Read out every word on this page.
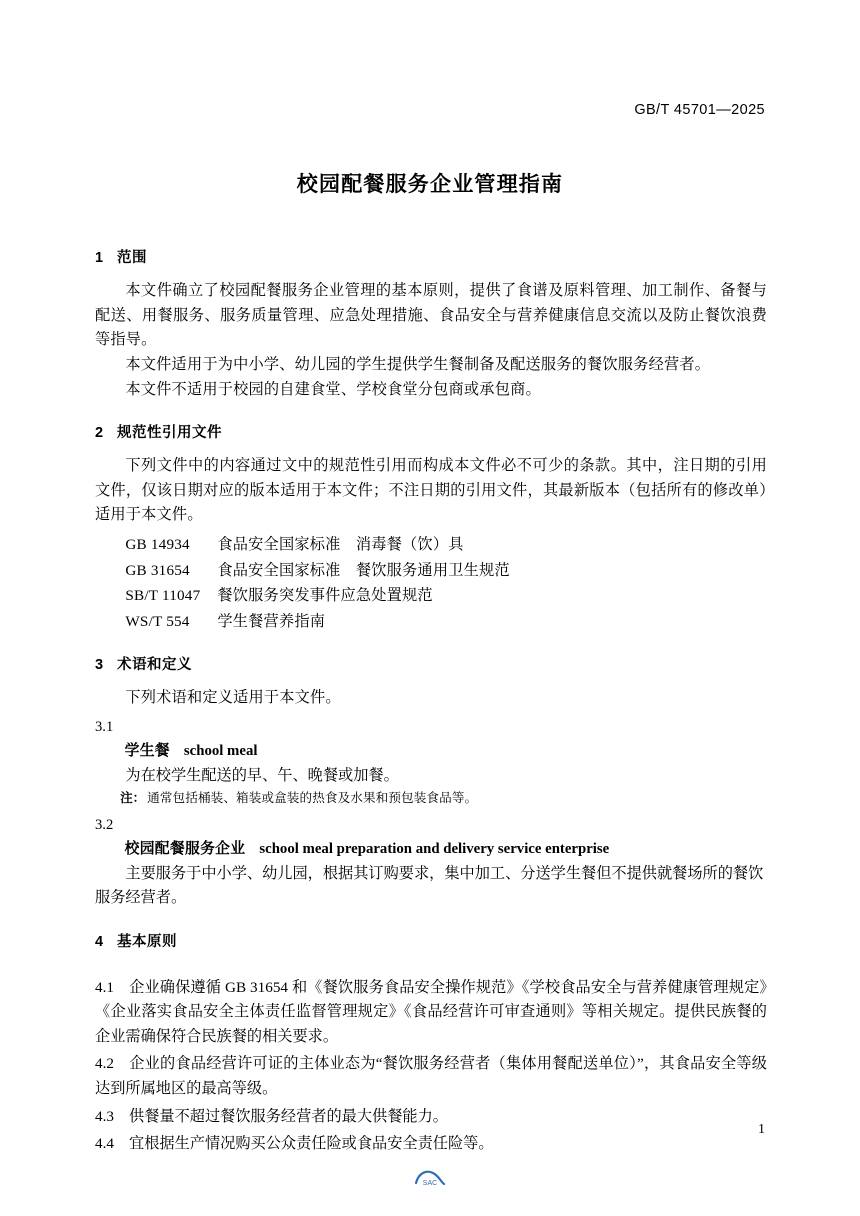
GB/T 45701—2025
校园配餐服务企业管理指南
1 范围

本文件确立了校园配餐服务企业管理的基本原则，提供了食谱及原料管理、加工制作、备餐与配送、用餐服务、服务质量管理、应急处理措施、食品安全与营养健康信息交流以及防止餐饮浪费等指导。

本文件适用于为中小学、幼儿园的学生提供学生餐制备及配送服务的餐饮服务经营者。

本文件不适用于校园的自建食堂、学校食堂分包商或承包商。

2 规范性引用文件

下列文件中的内容通过文中的规范性引用而构成本文件必不可少的条款。其中，注日期的引用文件，仅该日期对应的版本适用于本文件；不注日期的引用文件，其最新版本（包括所有的修改单）适用于本文件。

GB 14934 食品安全国家标准　消毒餐（饮）具
GB 31654 食品安全国家标准　餐饮服务通用卫生规范
SB/T 11047 餐饮服务突发事件应急处置规范
WS/T 554 学生餐营养指南
3 术语和定义

下列术语和定义适用于本文件。

3.1
学生餐 school meal
为在校学生配送的早、午、晚餐或加餐。
注： 通常包括桶装、箱装或盒装的热食及水果和预包装食品等。
3.2
校园配餐服务企业 school meal preparation and delivery service enterprise
主要服务于中小学、幼儿园，根据其订购要求，集中加工、分送学生餐但不提供就餐场所的餐饮服务经营者。
4 基本原则
4.1 企业确保遵循 GB 31654 和《餐饮服务食品安全操作规范》《学校食品安全与营养健康管理规定》《企业落实食品安全主体责任监督管理规定》《食品经营许可审查通则》等相关规定。提供民族餐的企业需确保符合民族餐的相关要求。
4.2 企业的食品经营许可证的主体业态为“餐饮服务经营者（集体用餐配送单位）”，其食品安全等级达到所属地区的最高等级。
4.3 供餐量不超过餐饮服务经营者的最大供餐能力。
4.4 宜根据生产情况购买公众责任险或食品安全责任险等。
1
SAC
